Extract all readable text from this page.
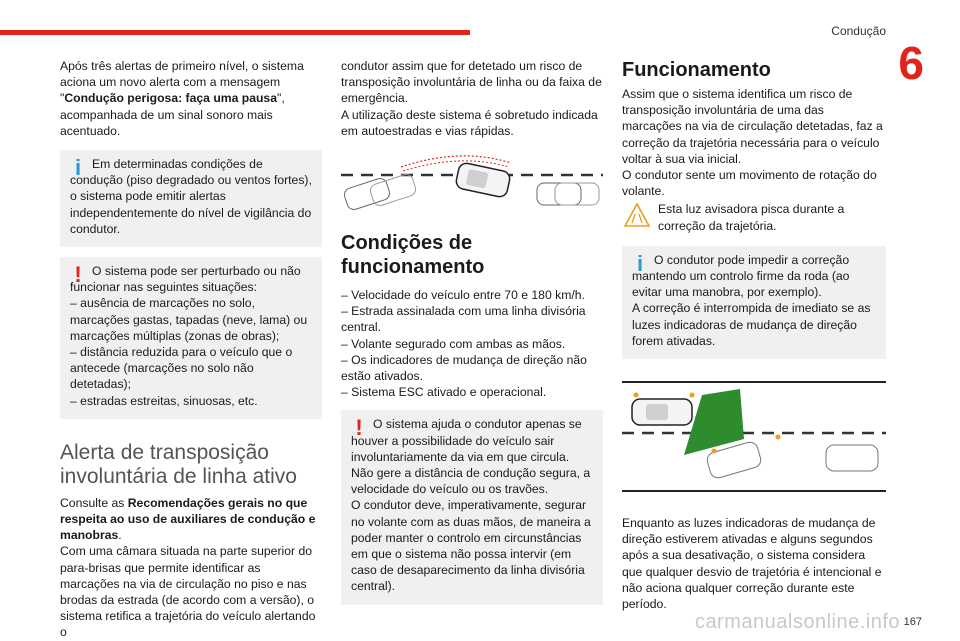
Condução
6

Após três alertas de primeiro nível, o sistema aciona um novo alerta com a mensagem "Condução perigosa: faça uma pausa", acompanhada de um sinal sonoro mais acentuado.

i Em determinadas condições de condução (piso degradado ou ventos fortes), o sistema pode emitir alertas independentemente do nível de vigilância do condutor.

! O sistema pode ser perturbado ou não funcionar nas seguintes situações:
– ausência de marcações no solo, marcações gastas, tapadas (neve, lama) ou marcações múltiplas (zonas de obras);
– distância reduzida para o veículo que o antecede (marcações no solo não detetadas);
– estradas estreitas, sinuosas, etc.

Alerta de transposição
involuntária de linha ativo

Consulte as Recomendações gerais no que respeita ao uso de auxiliares de condução e manobras.
Com uma câmara situada na parte superior do para-brisas que permite identificar as marcações na via de circulação no piso e nas brodas da estrada (de acordo com a versão), o sistema retifica a trajetória do veículo alertando o

condutor assim que for detetado um risco de transposição involuntária de linha ou da faixa de emergência.
A utilização deste sistema é sobretudo indicada em autoestradas e vias rápidas.

Condições de funcionamento

– Velocidade do veículo entre 70 e 180 km/h.
– Estrada assinalada com uma linha divisória central.
– Volante segurado com ambas as mãos.
– Os indicadores de mudança de direção não estão ativados.
– Sistema ESC ativado e operacional.

! O sistema ajuda o condutor apenas se houver a possibilidade do veículo sair involuntariamente da via em que circula. Não gere a distância de condução segura, a velocidade do veículo ou os travões.
O condutor deve, imperativamente, segurar no volante com as duas mãos, de maneira a poder manter o controlo em circunstâncias em que o sistema não possa intervir (em caso de desaparecimento da linha divisória central).

Funcionamento

Assim que o sistema identifica um risco de transposição involuntária de uma das marcações na via de circulação detetadas, faz a correção da trajetória necessária para o veículo voltar à sua via inicial.
O condutor sente um movimento de rotação do volante.

Esta luz avisadora pisca durante a correção da trajetória.

i O condutor pode impedir a correção mantendo um controlo firme da roda (ao evitar uma manobra, por exemplo).
A correção é interrompida de imediato se as luzes indicadoras de mudança de direção forem ativadas.

Enquanto as luzes indicadoras de mudança de direção estiverem ativadas e alguns segundos após a sua desativação, o sistema considera que qualquer desvio de trajetória é intencional e não aciona qualquer correção durante este período.

carmanualsonline.info 167
